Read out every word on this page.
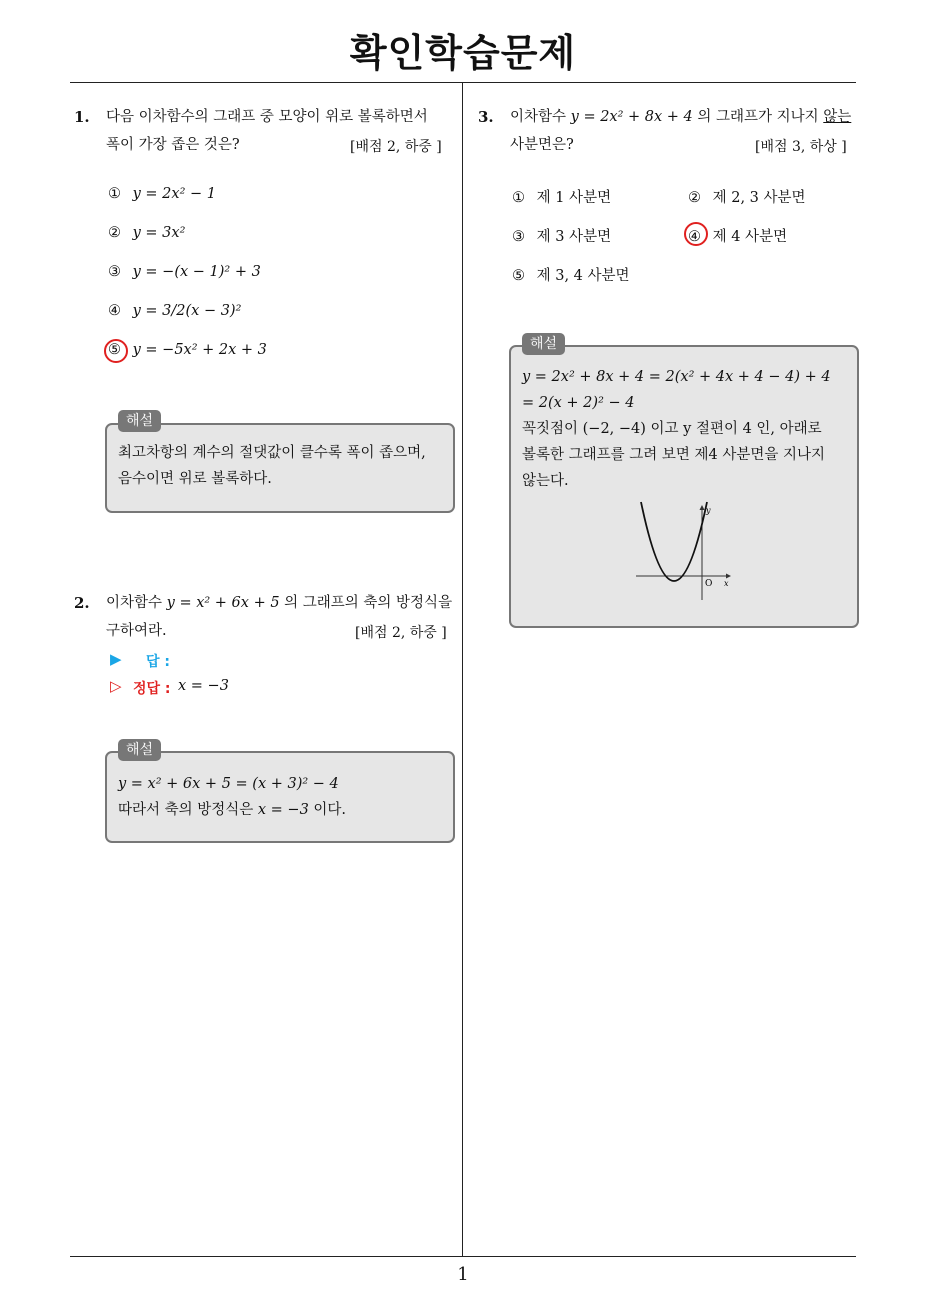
확인학습문제
1. 다음 이차함수의 그래프 중 모양이 위로 볼록하면서
폭이 가장 좁은 것은?	[배점 2, 하중 ]
① y = 2x² − 1
② y = 3x²
③ y = −(x − 1)² + 3
④ y = 3/2(x − 3)²
⑤ y = −5x² + 2x + 3
해설
최고차항의 계수의 절댓값이 클수록 폭이 좁으며,
음수이면 위로 볼록하다.
2. 이차함수 y = x² + 6x + 5 의 그래프의 축의 방정식을
구하여라.	[배점 2, 하중 ]
▶ 답 :
▷ 정답 : x = −3
해설
y = x² + 6x + 5 = (x + 3)² − 4
따라서 축의 방정식은 x = −3 이다.
3. 이차함수 y = 2x² + 8x + 4 의 그래프가 지나지 않는
사분면은?	[배점 3, 하상 ]
① 제 1 사분면	② 제 2, 3 사분면
③ 제 3 사분면	④ 제 4 사분면
⑤ 제 3, 4 사분면
해설
y = 2x² + 8x + 4 = 2(x² + 4x + 4 − 4) + 4
= 2(x + 2)² − 4
꼭짓점이 (−2, −4) 이고 y 절편이 4 인, 아래로
볼록한 그래프를 그려 보면 제4 사분면을 지나지
않는다.
y
x
O
1
